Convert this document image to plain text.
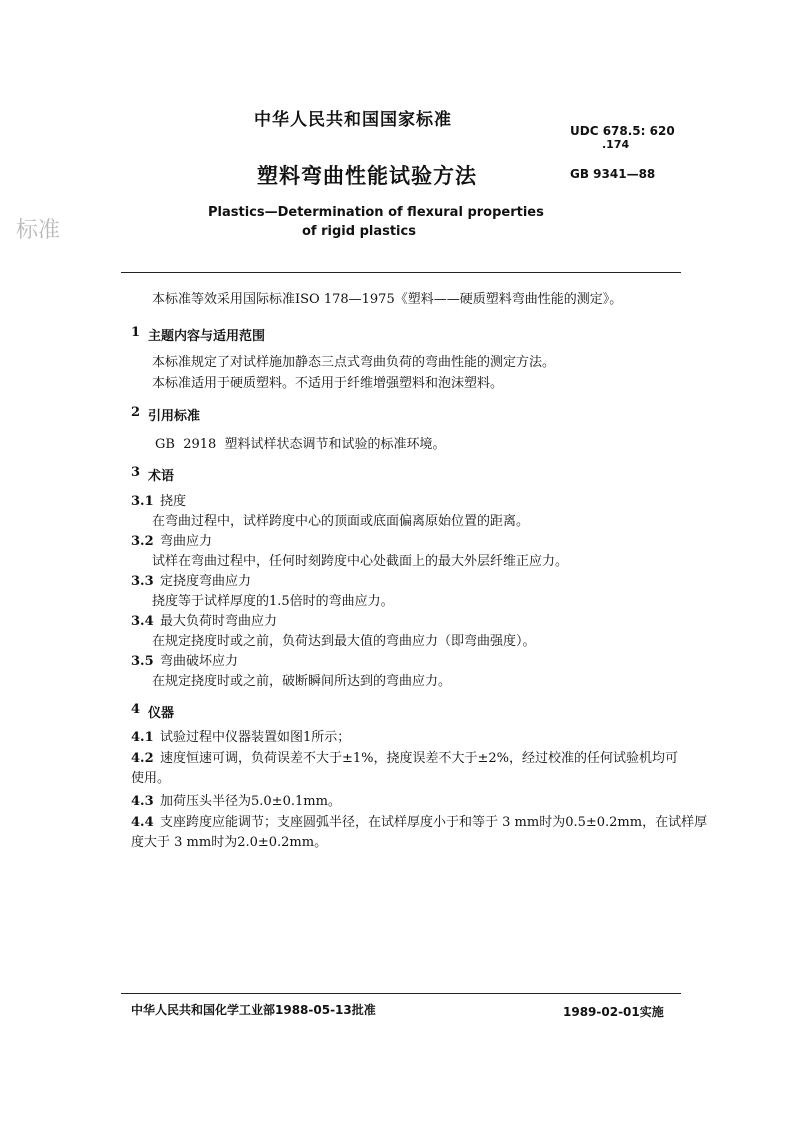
标准
中华人民共和国国家标准
UDC 678.5: 620
.174
塑料弯曲性能试验方法	GB 9341—88
Plastics—Determination of flexural properties
of rigid plastics
本标准等效采用国际标准ISO 178—1975《塑料——硬质塑料弯曲性能的测定》。
1 主题内容与适用范围
本标准规定了对试样施加静态三点式弯曲负荷的弯曲性能的测定方法。
本标准适用于硬质塑料。不适用于纤维增强塑料和泡沫塑料。
2 引用标准
GB  2918  塑料试样状态调节和试验的标准环境。
3 术语
3.1 挠度
在弯曲过程中，试样跨度中心的顶面或底面偏离原始位置的距离。
3.2 弯曲应力
试样在弯曲过程中，任何时刻跨度中心处截面上的最大外层纤维正应力。
3.3 定挠度弯曲应力
挠度等于试样厚度的1.5倍时的弯曲应力。
3.4 最大负荷时弯曲应力
在规定挠度时或之前，负荷达到最大值的弯曲应力（即弯曲强度）。
3.5 弯曲破坏应力
在规定挠度时或之前，破断瞬间所达到的弯曲应力。
4 仪器
4.1 试验过程中仪器装置如图1所示；
4.2 速度恒速可调，负荷误差不大于±1%，挠度误差不大于±2%，经过校准的任何试验机均可
使用。
4.3 加荷压头半径为5.0±0.1mm。
4.4 支座跨度应能调节；支座圆弧半径，在试样厚度小于和等于 3 mm时为0.5±0.2mm，在试样厚
度大于 3 mm时为2.0±0.2mm。
中华人民共和国化学工业部1988-05-13批准	1989-02-01实施
